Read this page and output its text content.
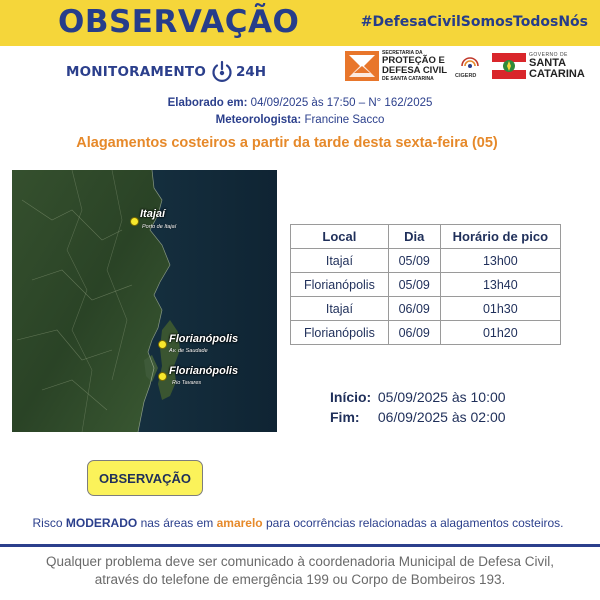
OBSERVAÇÃO	#DefesaCivilSomosTodosNós
MONITORAMENTO 24H
SECRETARIA DA
PROTEÇÃO E
DEFESA CIVIL
DE SANTA CATARINA	CIGERD
GOVERNO DE
SANTA
CATARINA
Elaborado em: 04/09/2025 às 17:50 – N° 162/2025
Meteorologista: Francine Sacco
Alagamentos costeiros a partir da tarde desta sexta-feira (05)
Itajaí
Porto de Itajaí
Florianópolis
Av. de Saudade
Florianópolis
Rio Tavares
Local	Dia	Horário de pico
Itajaí	05/09	13h00
Florianópolis	05/09	13h40
Itajaí	06/09	01h30
Florianópolis	06/09	01h20
Início: 05/09/2025 às 10:00
Fim: 06/09/2025 às 02:00
OBSERVAÇÃO
Risco MODERADO nas áreas em amarelo para ocorrências relacionadas a alagamentos costeiros.
Qualquer problema deve ser comunicado à coordenadoria Municipal de Defesa Civil,
através do telefone de emergência 199 ou Corpo de Bombeiros 193.
